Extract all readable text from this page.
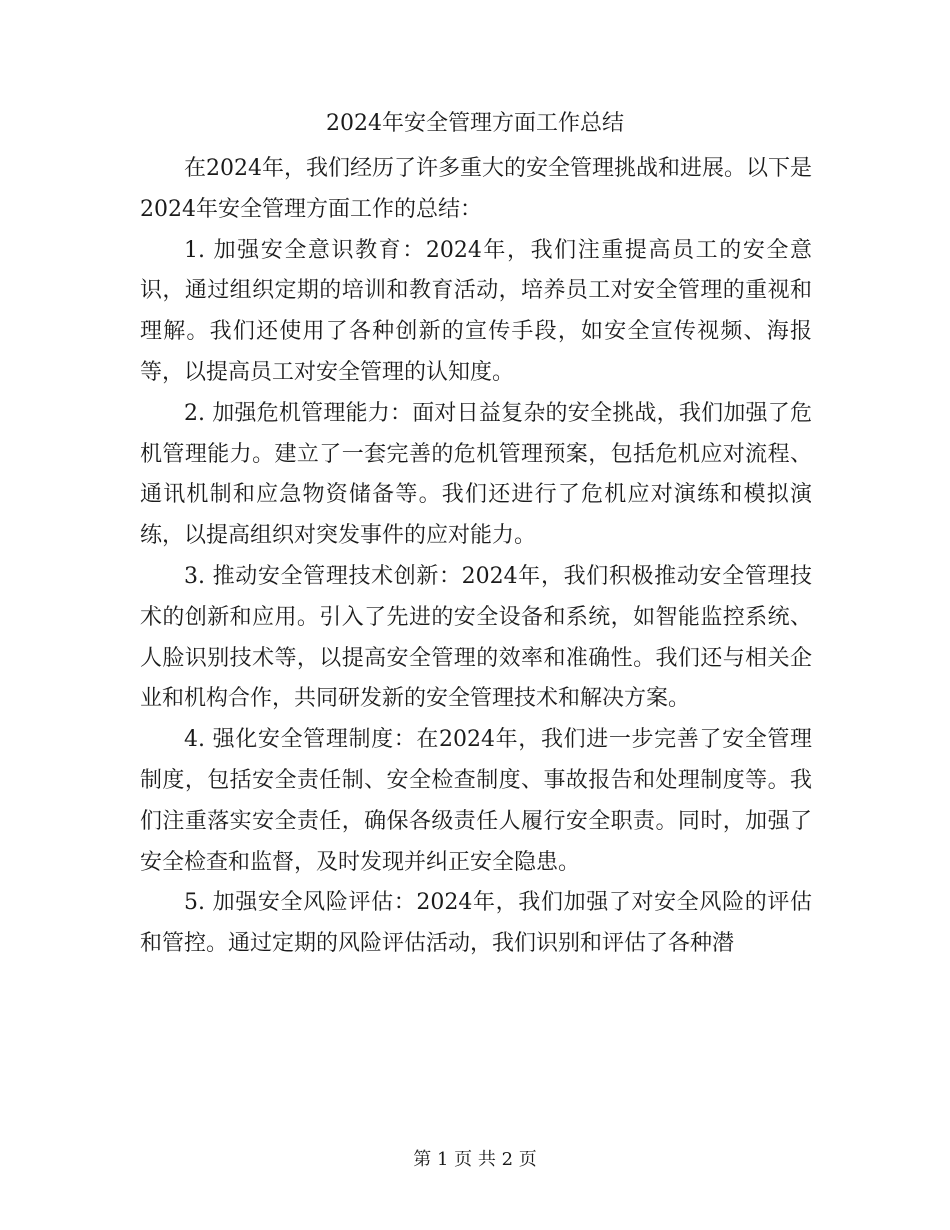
2024年安全管理方面工作总结

在2024年，我们经历了许多重大的安全管理挑战和进展。以下是2024年安全管理方面工作的总结：

1. 加强安全意识教育：2024年，我们注重提高员工的安全意识，通过组织定期的培训和教育活动，培养员工对安全管理的重视和理解。我们还使用了各种创新的宣传手段，如安全宣传视频、海报等，以提高员工对安全管理的认知度。

2. 加强危机管理能力：面对日益复杂的安全挑战，我们加强了危机管理能力。建立了一套完善的危机管理预案，包括危机应对流程、通讯机制和应急物资储备等。我们还进行了危机应对演练和模拟演练，以提高组织对突发事件的应对能力。

3. 推动安全管理技术创新：2024年，我们积极推动安全管理技术的创新和应用。引入了先进的安全设备和系统，如智能监控系统、人脸识别技术等，以提高安全管理的效率和准确性。我们还与相关企业和机构合作，共同研发新的安全管理技术和解决方案。

4. 强化安全管理制度：在2024年，我们进一步完善了安全管理制度，包括安全责任制、安全检查制度、事故报告和处理制度等。我们注重落实安全责任，确保各级责任人履行安全职责。同时，加强了安全检查和监督，及时发现并纠正安全隐患。

5. 加强安全风险评估：2024年，我们加强了对安全风险的评估和管控。通过定期的风险评估活动，我们识别和评估了各种潜

第 1 页 共 2 页
